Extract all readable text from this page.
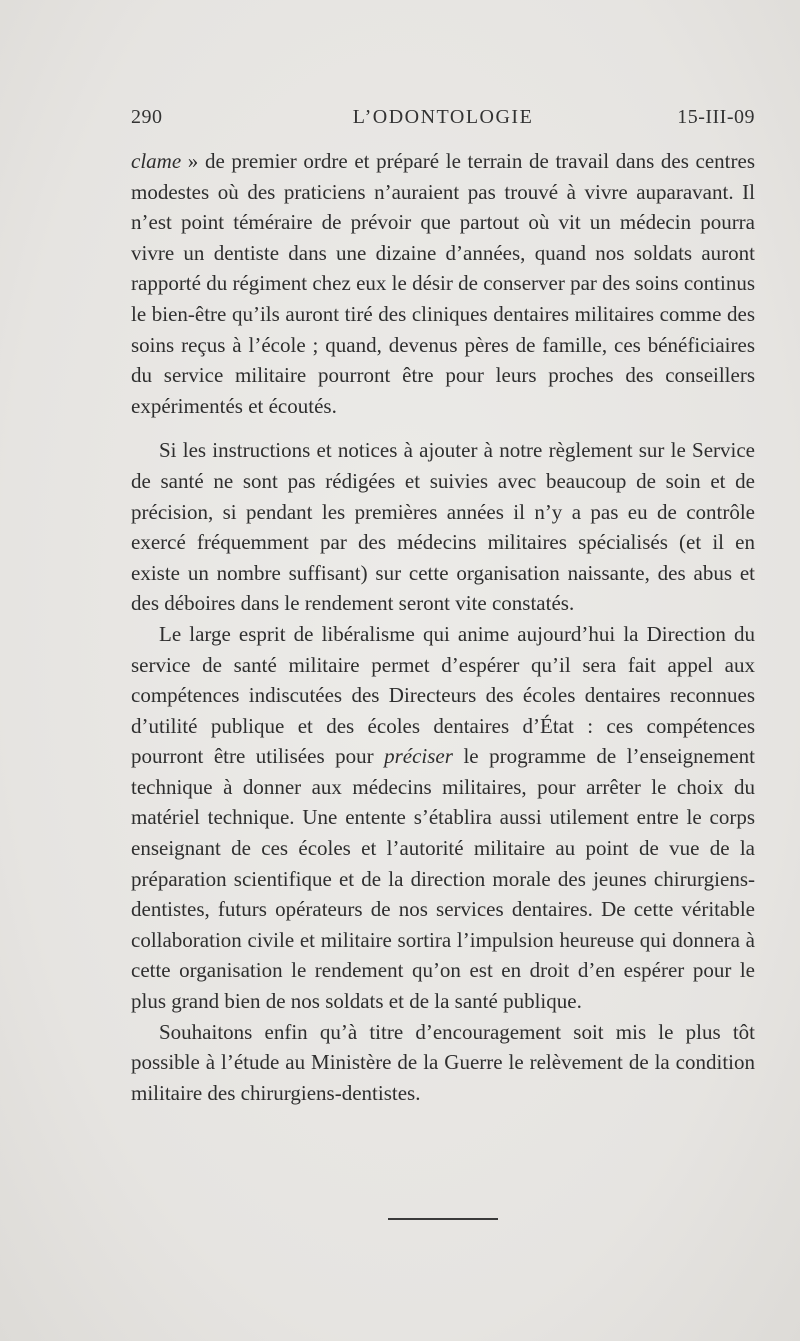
290	L’ODONTOLOGIE	15-III-09

clame » de premier ordre et préparé le terrain de travail dans des centres modestes où des praticiens n’auraient pas trouvé à vivre auparavant. Il n’est point téméraire de prévoir que partout où vit un médecin pourra vivre un dentiste dans une dizaine d’années, quand nos soldats auront rapporté du régiment chez eux le désir de conserver par des soins continus le bien-être qu’ils auront tiré des cliniques dentaires militaires comme des soins reçus à l’école ; quand, devenus pères de famille, ces bénéficiaires du service militaire pourront être pour leurs proches des conseillers expérimentés et écoutés.

Si les instructions et notices à ajouter à notre règlement sur le Service de santé ne sont pas rédigées et suivies avec beaucoup de soin et de précision, si pendant les premières années il n’y a pas eu de contrôle exercé fréquemment par des médecins militaires spécialisés (et il en existe un nombre suffisant) sur cette organisation naissante, des abus et des déboires dans le rendement seront vite constatés.

Le large esprit de libéralisme qui anime aujourd’hui la Direction du service de santé militaire permet d’espérer qu’il sera fait appel aux compétences indiscutées des Directeurs des écoles dentaires reconnues d’utilité publique et des écoles dentaires d’État : ces compétences pourront être utilisées pour préciser le programme de l’enseignement technique à donner aux médecins militaires, pour arrêter le choix du matériel technique. Une entente s’établira aussi utilement entre le corps enseignant de ces écoles et l’autorité militaire au point de vue de la préparation scientifique et de la direction morale des jeunes chirurgiens-dentistes, futurs opérateurs de nos services dentaires. De cette véritable collaboration civile et militaire sortira l’impulsion heureuse qui donnera à cette organisation le rendement qu’on est en droit d’en espérer pour le plus grand bien de nos soldats et de la santé publique.

Souhaitons enfin qu’à titre d’encouragement soit mis le plus tôt possible à l’étude au Ministère de la Guerre le relèvement de la condition militaire des chirurgiens-dentistes.
